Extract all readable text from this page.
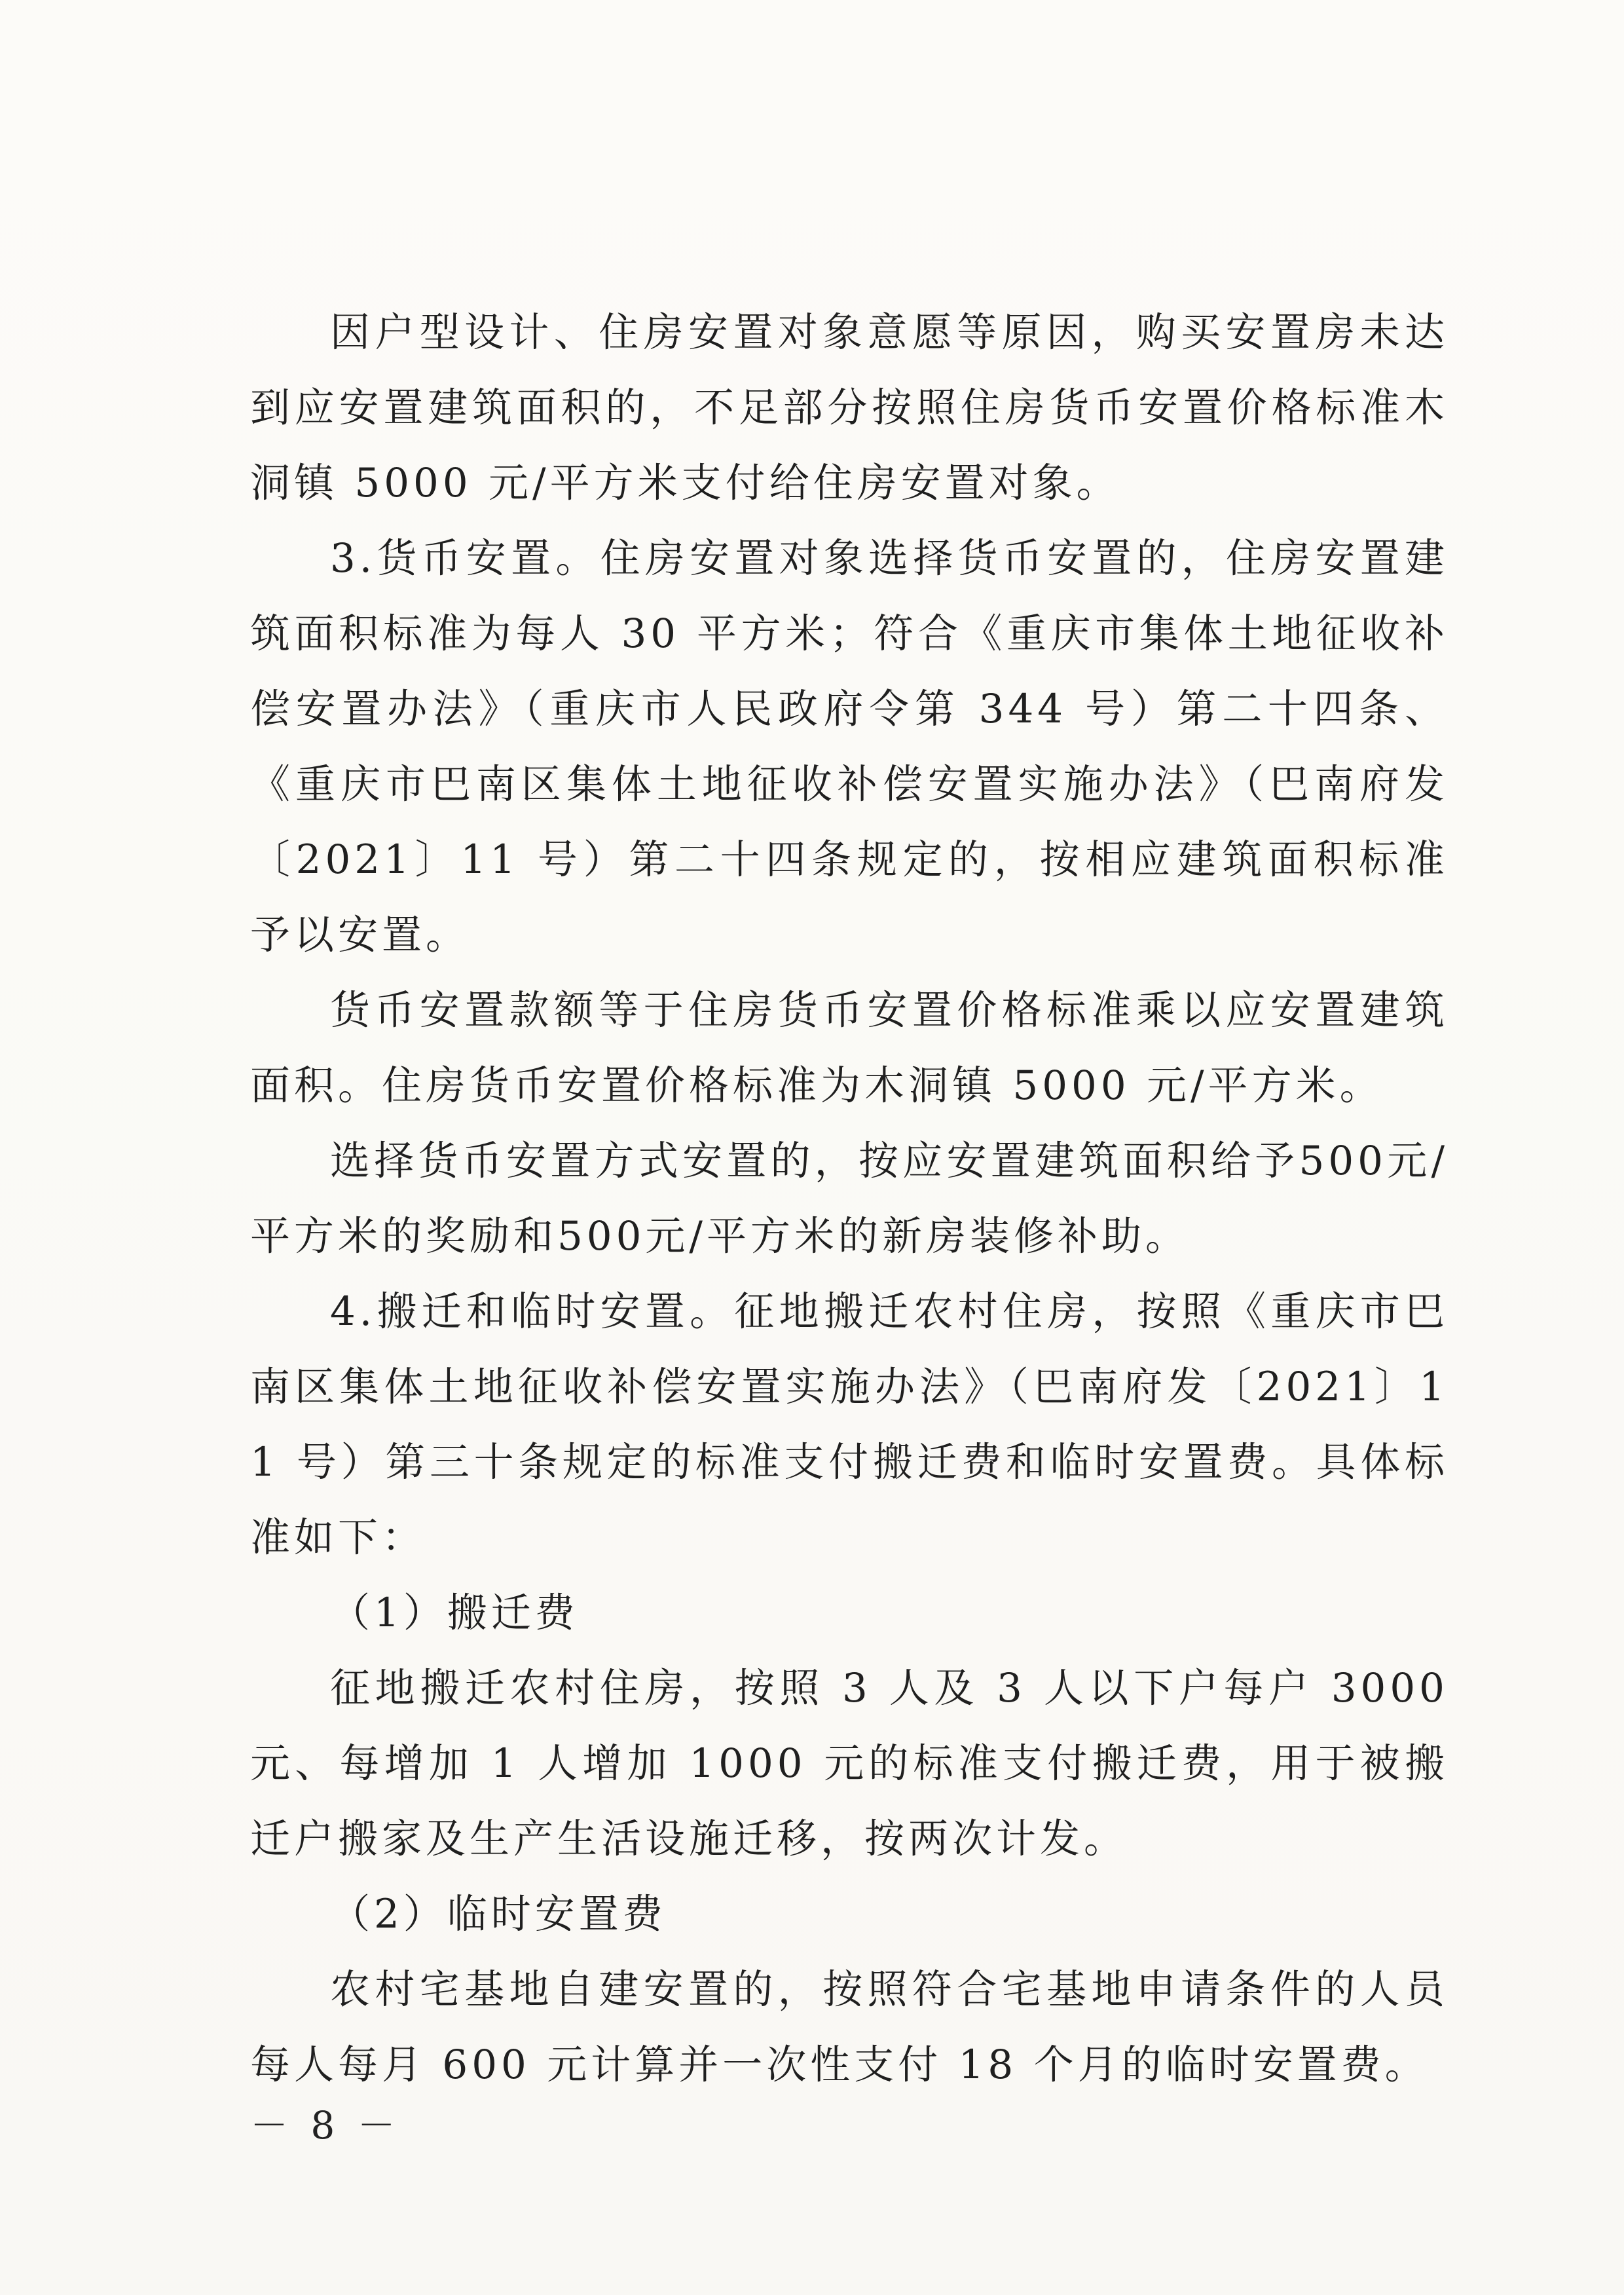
因户型设计、住房安置对象意愿等原因，购买安置房未达到应安置建筑面积的，不足部分按照住房货币安置价格标准木洞镇 5000 元/平方米支付给住房安置对象。

3.货币安置。住房安置对象选择货币安置的，住房安置建筑面积标准为每人 30 平方米；符合《重庆市集体土地征收补偿安置办法》（重庆市人民政府令第 344 号）第二十四条、《重庆市巴南区集体土地征收补偿安置实施办法》（巴南府发〔2021〕11 号）第二十四条规定的，按相应建筑面积标准予以安置。

货币安置款额等于住房货币安置价格标准乘以应安置建筑面积。住房货币安置价格标准为木洞镇 5000 元/平方米。

选择货币安置方式安置的，按应安置建筑面积给予500元/平方米的奖励和500元/平方米的新房装修补助。

4.搬迁和临时安置。征地搬迁农村住房，按照《重庆市巴南区集体土地征收补偿安置实施办法》（巴南府发〔2021〕11 号）第三十条规定的标准支付搬迁费和临时安置费。具体标准如下：

（1）搬迁费

征地搬迁农村住房，按照 3 人及 3 人以下户每户 3000 元、每增加 1 人增加 1000 元的标准支付搬迁费，用于被搬迁户搬家及生产生活设施迁移，按两次计发。

（2）临时安置费

农村宅基地自建安置的，按照符合宅基地申请条件的人员每人每月 600 元计算并一次性支付 18 个月的临时安置费。

－ 8 －
